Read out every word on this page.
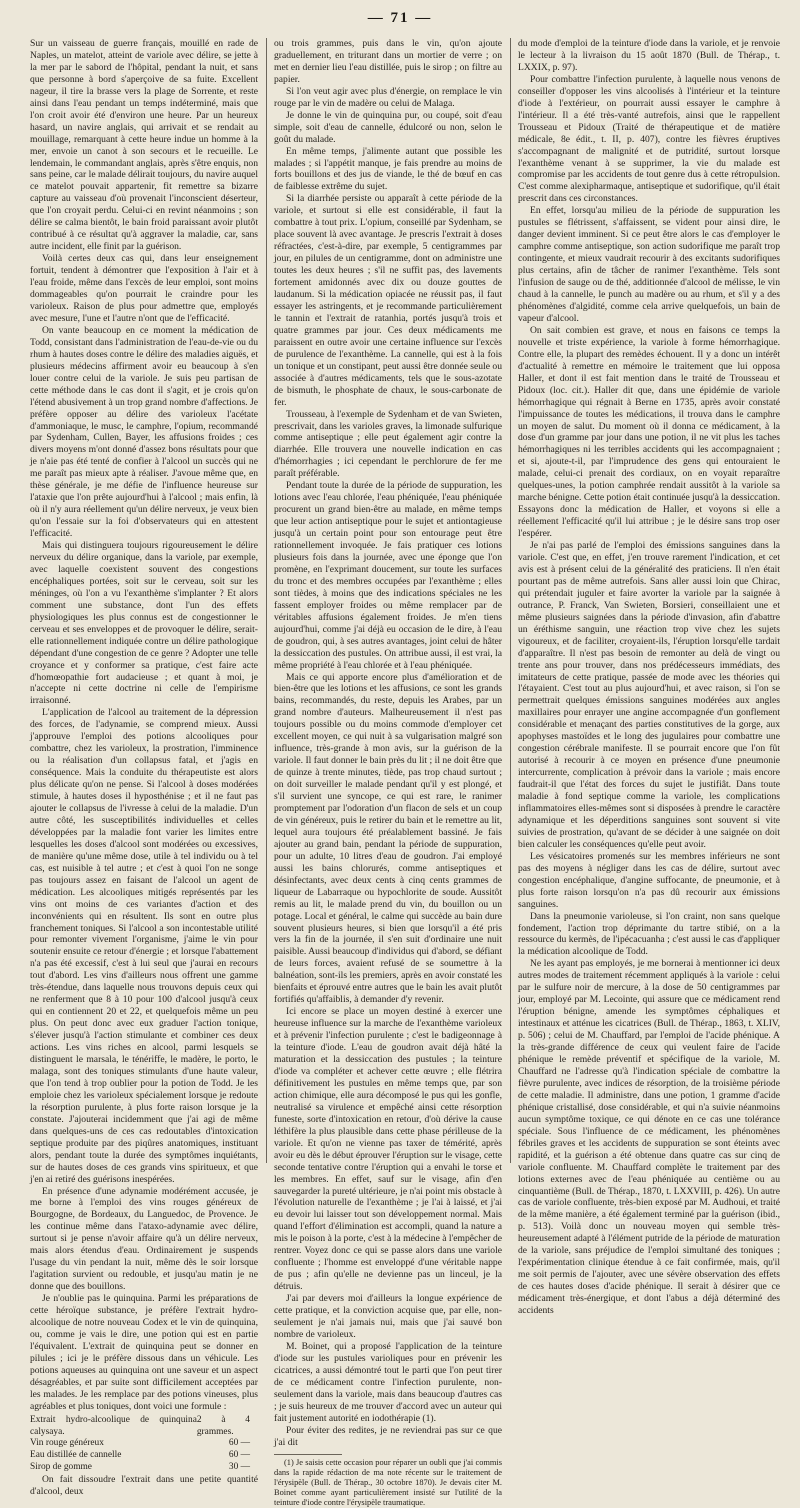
— 71 —

Sur un vaisseau de guerre français, mouillé en rade de Naples, un matelot, atteint de variole avec délire, se jette à la mer par le sabord de l'hôpital, pendant la nuit, et sans que personne à bord s'aperçoive de sa fuite. Excellent nageur, il tire la brasse vers la plage de Sorrente, et reste ainsi dans l'eau pendant un temps indéterminé, mais que l'on croit avoir été d'environ une heure. Par un heureux hasard, un navire anglais, qui arrivait et se rendait au mouillage, remarquant à cette heure indue un homme à la mer, envoie un canot à son secours et le recueille. Le lendemain, le commandant anglais, après s'être enquis, non sans peine, car le malade délirait toujours, du navire auquel ce matelot pouvait appartenir, fit remettre sa bizarre capture au vaisseau d'où provenait l'inconscient déserteur, que l'on croyait perdu. Celui-ci en revint néanmoins ; son délire se calma bientôt, le bain froid paraissant avoir plutôt contribué à ce résultat qu'à aggraver la maladie, car, sans autre incident, elle finit par la guérison.

Voilà certes deux cas qui, dans leur enseignement fortuit, tendent à démontrer que l'exposition à l'air et à l'eau froide, même dans l'excès de leur emploi, sont moins dommageables qu'on pourrait le craindre pour les varioleux. Raison de plus pour admettre que, employés avec mesure, l'une et l'autre n'ont que de l'efficacité.

On vante beaucoup en ce moment la médication de Todd, consistant dans l'administration de l'eau-de-vie ou du rhum à hautes doses contre le délire des maladies aiguës, et plusieurs médecins affirment avoir eu beaucoup à s'en louer contre celui de la variole. Je suis peu partisan de cette méthode dans le cas dont il s'agit, et je crois qu'on l'étend abusivement à un trop grand nombre d'affections. Je préfère opposer au délire des varioleux l'acétate d'ammoniaque, le musc, le camphre, l'opium, recommandé par Sydenham, Cullen, Bayer, les affusions froides ; ces divers moyens m'ont donné d'assez bons résultats pour que je n'aie pas été tenté de confier à l'alcool un succès qui ne me paraît pas mieux apte à réaliser. J'avoue même que, en thèse générale, je me défie de l'influence heureuse sur l'ataxie que l'on prête aujourd'hui à l'alcool ; mais enfin, là où il n'y aura réellement qu'un délire nerveux, je veux bien qu'on l'essaie sur la foi d'observateurs qui en attestent l'efficacité.

Mais qui distinguera toujours rigoureusement le délire nerveux du délire organique, dans la variole, par exemple, avec laquelle coexistent souvent des congestions encéphaliques portées, soit sur le cerveau, soit sur les méninges, où l'on a vu l'exanthème s'implanter ? Et alors comment une substance, dont l'un des effets physiologiques les plus connus est de congestionner le cerveau et ses enveloppes et de provoquer le délire, serait-elle rationnellement indiquée contre un délire pathologique dépendant d'une congestion de ce genre ? Adopter une telle croyance et y conformer sa pratique, c'est faire acte d'homœopathie fort audacieuse ; et quant à moi, je n'accepte ni cette doctrine ni celle de l'empirisme irraisonné.

L'application de l'alcool au traitement de la dépression des forces, de l'adynamie, se comprend mieux. Aussi j'approuve l'emploi des potions alcooliques pour combattre, chez les varioleux, la prostration, l'imminence ou la réalisation d'un collapsus fatal, et j'agis en conséquence. Mais la conduite du thérapeutiste est alors plus délicate qu'on ne pense. Si l'alcool à doses modérées stimule, à hautes doses il hyposthénise ; et il ne faut pas ajouter le collapsus de l'ivresse à celui de la maladie. D'un autre côté, les susceptibilités individuelles et celles développées par la maladie font varier les limites entre lesquelles les doses d'alcool sont modérées ou excessives, de manière qu'une même dose, utile à tel individu ou à tel cas, est nuisible à tel autre ; et c'est à quoi l'on ne songe pas toujours assez en faisant de l'alcool un agent de médication. Les alcooliques mitigés représentés par les vins ont moins de ces variantes d'action et des inconvénients qui en résultent. Ils sont en outre plus franchement toniques. Si l'alcool a son incontestable utilité pour remonter vivement l'organisme, j'aime le vin pour soutenir ensuite ce retour d'énergie ; et lorsque l'abattement n'a pas été excessif, c'est à lui seul que j'aurai en recours tout d'abord. Les vins d'ailleurs nous offrent une gamme très-étendue, dans laquelle nous trouvons depuis ceux qui ne renferment que 8 à 10 pour 100 d'alcool jusqu'à ceux qui en contiennent 20 et 22, et quelquefois même un peu plus. On peut donc avec eux graduer l'action tonique, s'élever jusqu'à l'action stimulante et combiner ces deux actions. Les vins riches en alcool, parmi lesquels se distinguent le marsala, le ténériffe, le madère, le porto, le malaga, sont des toniques stimulants d'une haute valeur, que l'on tend à trop oublier pour la potion de Todd. Je les emploie chez les varioleux spécialement lorsque je redoute la résorption purulente, à plus forte raison lorsque je la constate. J'ajouterai incidemment que j'ai agi de même dans quelques-uns de ces cas redoutables d'intoxication septique produite par des piqûres anatomiques, instituant alors, pendant toute la durée des symptômes inquiétants, sur de hautes doses de ces grands vins spiritueux, et que j'en ai retiré des guérisons inespérées.

En présence d'une adynamie modérément accusée, je me borne à l'emploi des vins rouges généreux de Bourgogne, de Bordeaux, du Languedoc, de Provence. Je les continue même dans l'ataxo-adynamie avec délire, surtout si je pense n'avoir affaire qu'à un délire nerveux, mais alors étendus d'eau. Ordinairement je suspends l'usage du vin pendant la nuit, même dès le soir lorsque l'agitation survient ou redouble, et jusqu'au matin je ne donne que des bouillons.

Je n'oublie pas le quinquina. Parmi les préparations de cette héroïque substance, je préfère l'extrait hydro-alcoolique de notre nouveau Codex et le vin de quinquina, ou, comme je vais le dire, une potion qui est en partie l'équivalent. L'extrait de quinquina peut se donner en pilules ; ici je le préfère dissous dans un véhicule. Les potions aqueuses au quinquina ont une saveur et un aspect désagréables, et par suite sont difficilement acceptées par les malades. Je les remplace par des potions vineuses, plus agréables et plus toniques, dont voici une formule :

Extrait hydro-alcoolique de quinquina calysaya.
2 à 4 grammes.
Vin rouge généreux	60 —
Eau distillée de cannelle	60 —
Sirop de gomme	30 —

On fait dissoudre l'extrait dans une petite quantité d'alcool, deux

ou trois grammes, puis dans le vin, qu'on ajoute graduellement, en triturant dans un mortier de verre ; on met en dernier lieu l'eau distillée, puis le sirop ; on filtre au papier.

Si l'on veut agir avec plus d'énergie, on remplace le vin rouge par le vin de madère ou celui de Malaga.

Je donne le vin de quinquina pur, ou coupé, soit d'eau simple, soit d'eau de cannelle, édulcoré ou non, selon le goût du malade.

En même temps, j'alimente autant que possible les malades ; si l'appétit manque, je fais prendre au moins de forts bouillons et des jus de viande, le thé de bœuf en cas de faiblesse extrême du sujet.

Si la diarrhée persiste ou apparaît à cette période de la variole, et surtout si elle est considérable, il faut la combattre à tout prix. L'opium, conseillé par Sydenham, se place souvent là avec avantage. Je prescris l'extrait à doses réfractées, c'est-à-dire, par exemple, 5 centigrammes par jour, en pilules de un centigramme, dont on administre une toutes les deux heures ; s'il ne suffit pas, des lavements fortement amidonnés avec dix ou douze gouttes de laudanum. Si la médication opiacée ne réussit pas, il faut essayer les astringents, et je recommande particulièrement le tannin et l'extrait de ratanhia, portés jusqu'à trois et quatre grammes par jour. Ces deux médicaments me paraissent en outre avoir une certaine influence sur l'excès de purulence de l'exanthème. La cannelle, qui est à la fois un tonique et un constipant, peut aussi être donnée seule ou associée à d'autres médicaments, tels que le sous-azotate de bismuth, le phosphate de chaux, le sous-carbonate de fer.

Trousseau, à l'exemple de Sydenham et de van Swieten, prescrivait, dans les varioles graves, la limonade sulfurique comme antiseptique ; elle peut également agir contre la diarrhée. Elle trouvera une nouvelle indication en cas d'hémorrhagies ; ici cependant le perchlorure de fer me paraît préférable.

Pendant toute la durée de la période de suppuration, les lotions avec l'eau chlorée, l'eau phéniquée, l'eau phéniquée procurent un grand bien-être au malade, en même temps que leur action antiseptique pour le sujet et antiontagieuse jusqu'à un certain point pour son entourage peut être rationnellement invoquée. Je fais pratiquer ces lotions plusieurs fois dans la journée, avec une éponge que l'on promène, en l'exprimant doucement, sur toute les surfaces du tronc et des membres occupées par l'exanthème ; elles sont tièdes, à moins que des indications spéciales ne les fassent employer froides ou même remplacer par de véritables affusions également froides. Je m'en tiens aujourd'hui, comme j'ai déjà eu occasion de le dire, à l'eau de goudron, qui, à ses autres avantages, joint celui de hâter la dessiccation des pustules. On attribue aussi, il est vrai, la même propriété à l'eau chlorée et à l'eau phéniquée.

Mais ce qui apporte encore plus d'amélioration et de bien-être que les lotions et les affusions, ce sont les grands bains, recommandés, du reste, depuis les Arabes, par un grand nombre d'auteurs. Malheureusement il n'est pas toujours possible ou du moins commode d'employer cet excellent moyen, ce qui nuit à sa vulgarisation malgré son influence, très-grande à mon avis, sur la guérison de la variole. Il faut donner le bain près du lit ; il ne doit être que de quinze à trente minutes, tiède, pas trop chaud surtout ; on doit surveiller le malade pendant qu'il y est plongé, et s'il survient une syncope, ce qui est rare, le ranimer promptement par l'odoration d'un flacon de sels et un coup de vin généreux, puis le retirer du bain et le remettre au lit, lequel aura toujours été préalablement bassiné. Je fais ajouter au grand bain, pendant la période de suppuration, pour un adulte, 10 litres d'eau de goudron. J'ai employé aussi les bains chlorurés, comme antiseptiques et désinfectants, avec deux cents à cinq cents grammes de liqueur de Labarraque ou hypochlorite de soude. Aussitôt remis au lit, le malade prend du vin, du bouillon ou un potage. Local et général, le calme qui succède au bain dure souvent plusieurs heures, si bien que lorsqu'il a été pris vers la fin de la journée, il s'en suit d'ordinaire une nuit paisible. Aussi beaucoup d'individus qui d'abord, se défiant de leurs forces, avaient refusé de se soumettre à la balnéation, sont-ils les premiers, après en avoir constaté les bienfaits et éprouvé entre autres que le bain les avait plutôt fortifiés qu'affaiblis, à demander d'y revenir.

Ici encore se place un moyen destiné à exercer une heureuse influence sur la marche de l'exanthème varioleux et à prévenir l'infection purulente ; c'est le badigeonnage à la teinture d'iode. L'eau de goudron avait déjà hâté la maturation et la dessiccation des pustules ; la teinture d'iode va compléter et achever cette œuvre ; elle flétrira définitivement les pustules en même temps que, par son action chimique, elle aura décomposé le pus qui les gonfle, neutralisé sa virulence et empêché ainsi cette résorption funeste, sorte d'intoxication en retour, d'où dérive la cause léthifère la plus plausible dans cette phase périlleuse de la variole. Et qu'on ne vienne pas taxer de témérité, après avoir eu dès le début éprouver l'éruption sur le visage, cette seconde tentative contre l'éruption qui a envahi le torse et les membres. En effet, sauf sur le visage, afin d'en sauvegarder la pureté ultérieure, je n'ai point mis obstacle à l'évolution naturelle de l'exanthème ; je l'ai à laissé, et j'ai eu devoir lui laisser tout son développement normal. Mais quand l'effort d'élimination est accompli, quand la nature a mis le poison à la porte, c'est à la médecine à l'empêcher de rentrer. Voyez donc ce qui se passe alors dans une variole confluente ; l'homme est enveloppé d'une véritable nappe de pus ; afin qu'elle ne devienne pas un linceul, je la détruis.

J'ai par devers moi d'ailleurs la longue expérience de cette pratique, et la conviction acquise que, par elle, non-seulement je n'ai jamais nui, mais que j'ai sauvé bon nombre de varioleux.

M. Boinet, qui a proposé l'application de la teinture d'iode sur les pustules varioliques pour en prévenir les cicatrices, a aussi démontré tout le parti que l'on peut tirer de ce médicament contre l'infection purulente, non-seulement dans la variole, mais dans beaucoup d'autres cas ; je suis heureux de me trouver d'accord avec un auteur qui fait justement autorité en iodothérapie (1).

Pour éviter des redites, je ne reviendrai pas sur ce que j'ai dit

(1) Je saisis cette occasion pour réparer un oubli que j'ai commis dans la rapide rédaction de ma note récente sur le traitement de l'érysipèle (Bull. de Thérap., 30 octobre 1870). Je devais citer M. Boinet comme ayant particulièrement insisté sur l'utilité de la teinture d'iode contre l'érysipèle traumatique.

du mode d'emploi de la teinture d'iode dans la variole, et je renvoie le lecteur à la livraison du 15 août 1870 (Bull. de Thérap., t. LXXIX, p. 97).

Pour combattre l'infection purulente, à laquelle nous venons de conseiller d'opposer les vins alcoolisés à l'intérieur et la teinture d'iode à l'extérieur, on pourrait aussi essayer le camphre à l'intérieur. Il a été très-vanté autrefois, ainsi que le rappellent Trousseau et Pidoux (Traité de thérapeutique et de matière médicale, 8e édit., t. II, p. 407), contre les fièvres éruptives s'accompagnant de malignité et de putridité, surtout lorsque l'exanthème venant à se supprimer, la vie du malade est compromise par les accidents de tout genre dus à cette rétropulsion. C'est comme alexipharmaque, antiseptique et sudorifique, qu'il était prescrit dans ces circonstances.

En effet, lorsqu'au milieu de la période de suppuration les pustules se flétrissent, s'affaissent, se vident pour ainsi dire, le danger devient imminent. Si ce peut être alors le cas d'employer le camphre comme antiseptique, son action sudorifique me paraît trop contingente, et mieux vaudrait recourir à des excitants sudorifiques plus certains, afin de tâcher de ranimer l'exanthème. Tels sont l'infusion de sauge ou de thé, additionnée d'alcool de mélisse, le vin chaud à la cannelle, le punch au madère ou au rhum, et s'il y a des phénomènes d'algidité, comme cela arrive quelquefois, un bain de vapeur d'alcool.

On sait combien est grave, et nous en faisons ce temps la nouvelle et triste expérience, la variole à forme hémorrhagique. Contre elle, la plupart des remèdes échouent. Il y a donc un intérêt d'actualité à remettre en mémoire le traitement que lui opposa Haller, et dont il est fait mention dans le traité de Trousseau et Pidoux (loc. cit.). Haller dit que, dans une épidémie de variole hémorrhagique qui régnait à Berne en 1735, après avoir constaté l'impuissance de toutes les médications, il trouva dans le camphre un moyen de salut. Du moment où il donna ce médicament, à la dose d'un gramme par jour dans une potion, il ne vit plus les taches hémorrhagiques ni les terribles accidents qui les accompagnaient ; et si, ajoute-t-il, par l'imprudence des gens qui entouraient le malade, celui-ci prenait des cordiaux, on en voyait reparaître quelques-unes, la potion camphrée rendait aussitôt à la variole sa marche bénigne. Cette potion était continuée jusqu'à la dessiccation. Essayons donc la médication de Haller, et voyons si elle a réellement l'efficacité qu'il lui attribue ; je le désire sans trop oser l'espérer.

Je n'ai pas parlé de l'emploi des émissions sanguines dans la variole. C'est que, en effet, j'en trouve rarement l'indication, et cet avis est à présent celui de la généralité des praticiens. Il n'en était pourtant pas de même autrefois. Sans aller aussi loin que Chirac, qui prétendait juguler et faire avorter la variole par la saignée à outrance, P. Franck, Van Swieten, Borsieri, conseillaient une et même plusieurs saignées dans la période d'invasion, afin d'abattre un éréthisme sanguin, une réaction trop vive chez les sujets vigoureux, et de faciliter, croyaient-ils, l'éruption lorsqu'elle tardait d'apparaître. Il n'est pas besoin de remonter au delà de vingt ou trente ans pour trouver, dans nos prédécesseurs immédiats, des imitateurs de cette pratique, passée de mode avec les théories qui l'étayaient. C'est tout au plus aujourd'hui, et avec raison, si l'on se permettrait quelques émissions sanguines modérées aux angles maxillaires pour enrayer une angine accompagnée d'un gonflement considérable et menaçant des parties constitutives de la gorge, aux apophyses mastoïdes et le long des jugulaires pour combattre une congestion cérébrale manifeste. Il se pourrait encore que l'on fût autorisé à recourir à ce moyen en présence d'une pneumonie intercurrente, complication à prévoir dans la variole ; mais encore faudrait-il que l'état des forces du sujet le justifiât. Dans toute maladie à fond septique comme la variole, les complications inflammatoires elles-mêmes sont si disposées à prendre le caractère adynamique et les déperditions sanguines sont souvent si vite suivies de prostration, qu'avant de se décider à une saignée on doit bien calculer les conséquences qu'elle peut avoir.

Les vésicatoires promenés sur les membres inférieurs ne sont pas des moyens à négliger dans les cas de délire, surtout avec congestion encéphalique, d'angine suffocante, de pneumonie, et à plus forte raison lorsqu'on n'a pas dû recourir aux émissions sanguines.

Dans la pneumonie varioleuse, si l'on craint, non sans quelque fondement, l'action trop déprimante du tartre stibié, on a la ressource du kermès, de l'ipécacuanha ; c'est aussi le cas d'appliquer la médication alcoolique de Todd.

Ne les ayant pas employés, je me bornerai à mentionner ici deux autres modes de traitement récemment appliqués à la variole : celui par le sulfure noir de mercure, à la dose de 50 centigrammes par jour, employé par M. Lecointe, qui assure que ce médicament rend l'éruption bénigne, amende les symptômes céphaliques et intestinaux et atténue les cicatrices (Bull. de Thérap., 1863, t. XLIV, p. 506) ; celui de M. Chauffard, par l'emploi de l'acide phénique. A la très-grande différence de ceux qui veulent faire de l'acide phénique le remède préventif et spécifique de la variole, M. Chauffard ne l'adresse qu'à l'indication spéciale de combattre la fièvre purulente, avec indices de résorption, de la troisième période de cette maladie. Il administre, dans une potion, 1 gramme d'acide phénique cristallisé, dose considérable, et qui n'a suivie néanmoins aucun symptôme toxique, ce qui dénote en ce cas une tolérance spéciale. Sous l'influence de ce médicament, les phénomènes fébriles graves et les accidents de suppuration se sont éteints avec rapidité, et la guérison a été obtenue dans quatre cas sur cinq de variole confluente. M. Chauffard complète le traitement par des lotions externes avec de l'eau phéniquée au centième ou au cinquantième (Bull. de Thérap., 1870, t. LXXVIII, p. 426). Un autre cas de variole confluente, très-bien exposé par M. Audhoui, et traité de la même manière, a été également terminé par la guérison (ibid., p. 513). Voilà donc un nouveau moyen qui semble très-heureusement adapté à l'élément putride de la période de maturation de la variole, sans préjudice de l'emploi simultané des toniques ; l'expérimentation clinique étendue à ce fait confirmée, mais, qu'il me soit permis de l'ajouter, avec une sévère observation des effets de ces hautes doses d'acide phénique. Il serait à désirer que ce médicament très-énergique, et dont l'abus a déjà déterminé des accidents
